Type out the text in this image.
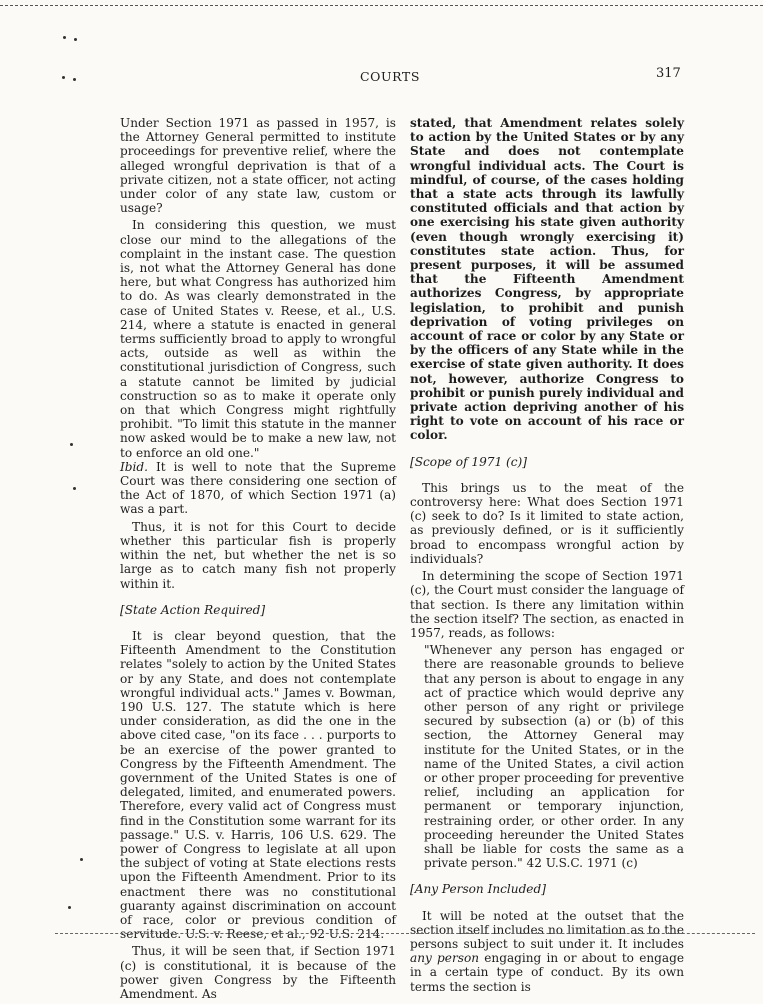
COURTS	317

Under Section 1971 as passed in 1957, is the Attorney General permitted to institute proceedings for preventive relief, where the alleged wrongful deprivation is that of a private citizen, not a state officer, not acting under color of any state law, custom or usage?

In considering this question, we must close our mind to the allegations of the complaint in the instant case. The question is, not what the Attorney General has done here, but what Congress has authorized him to do. As was clearly demonstrated in the case of United States v. Reese, et al., U.S. 214, where a statute is enacted in general terms sufficiently broad to apply to wrongful acts, outside as well as within the constitutional jurisdiction of Congress, such a statute cannot be limited by judicial construction so as to make it operate only on that which Congress might rightfully prohibit. "To limit this statute in the manner now asked would be to make a new law, not to enforce an old one."
Ibid. It is well to note that the Supreme Court was there considering one section of the Act of 1870, of which Section 1971 (a) was a part.

Thus, it is not for this Court to decide whether this particular fish is properly within the net, but whether the net is so large as to catch many fish not properly within it.

[State Action Required]

It is clear beyond question, that the Fifteenth Amendment to the Constitution relates "solely to action by the United States or by any State, and does not contemplate wrongful individual acts." James v. Bowman, 190 U.S. 127. The statute which is here under consideration, as did the one in the above cited case, "on its face . . . purports to be an exercise of the power granted to Congress by the Fifteenth Amendment. The government of the United States is one of delegated, limited, and enumerated powers. Therefore, every valid act of Congress must find in the Constitution some warrant for its passage." U.S. v. Harris, 106 U.S. 629. The power of Congress to legislate at all upon the subject of voting at State elections rests upon the Fifteenth Amendment. Prior to its enactment there was no constitutional guaranty against discrimination on account of race, color or previous condition of servitude. U.S. v. Reese, et al., 92 U.S. 214.

Thus, it will be seen that, if Section 1971 (c) is constitutional, it is because of the power given Congress by the Fifteenth Amendment. As

stated, that Amendment relates solely to action by the United States or by any State and does not contemplate wrongful individual acts. The Court is mindful, of course, of the cases holding that a state acts through its lawfully constituted officials and that action by one exercising his state given authority (even though wrongly exercising it) constitutes state action. Thus, for present purposes, it will be assumed that the Fifteenth Amendment authorizes Congress, by appropriate legislation, to prohibit and punish deprivation of voting privileges on account of race or color by any State or by the officers of any State while in the exercise of state given authority. It does not, however, authorize Congress to prohibit or punish purely individual and private action depriving another of his right to vote on account of his race or color.

[Scope of 1971 (c)]

This brings us to the meat of the controversy here: What does Section 1971 (c) seek to do? Is it limited to state action, as previously defined, or is it sufficiently broad to encompass wrongful action by individuals?

In determining the scope of Section 1971 (c), the Court must consider the language of that section. Is there any limitation within the section itself? The section, as enacted in 1957, reads, as follows:

"Whenever any person has engaged or there are reasonable grounds to believe that any person is about to engage in any act of practice which would deprive any other person of any right or privilege secured by subsection (a) or (b) of this section, the Attorney General may institute for the United States, or in the name of the United States, a civil action or other proper proceeding for preventive relief, including an application for permanent or temporary injunction, restraining order, or other order. In any proceeding hereunder the United States shall be liable for costs the same as a private person." 42 U.S.C. 1971 (c)
[Any Person Included]

It will be noted at the outset that the section itself includes no limitation as to the persons subject to suit under it. It includes any person engaging in or about to engage in a certain type of conduct. By its own terms the section is
